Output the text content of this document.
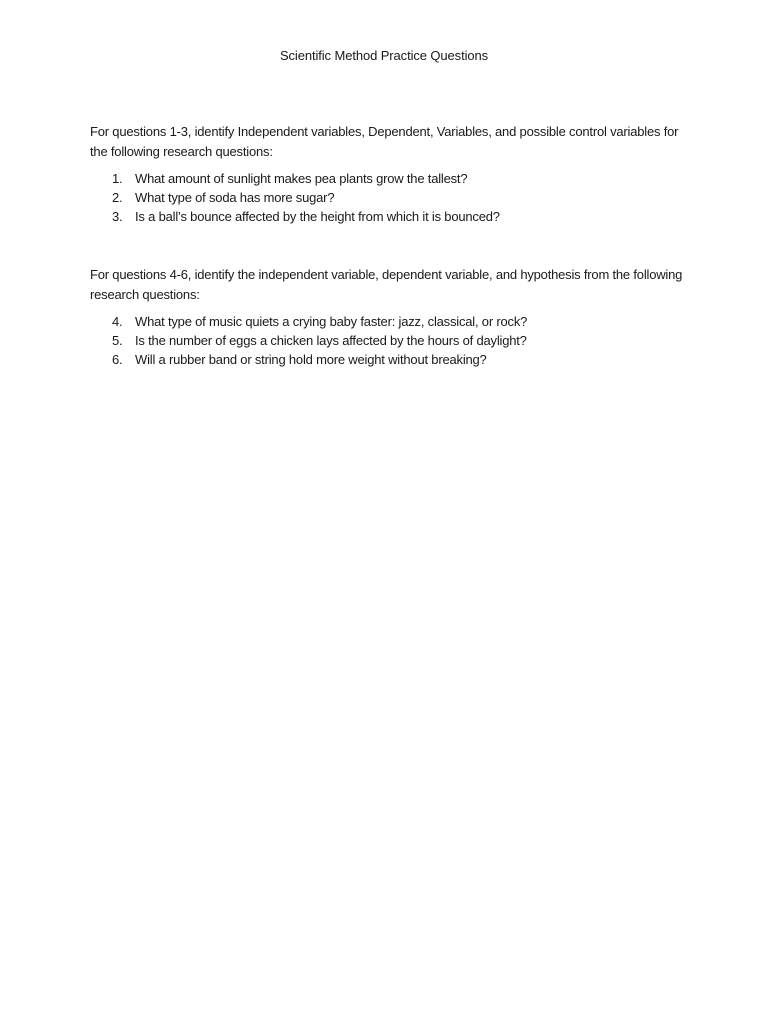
Scientific Method Practice Questions

For questions 1-3, identify Independent variables, Dependent, Variables, and possible control variables for the following research questions:

1. What amount of sunlight makes pea plants grow the tallest?
2. What type of soda has more sugar?
3. Is a ball’s bounce affected by the height from which it is bounced?

For questions 4-6, identify the independent variable, dependent variable, and hypothesis from the following research questions:

4. What type of music quiets a crying baby faster: jazz, classical, or rock?
5. Is the number of eggs a chicken lays affected by the hours of daylight?
6. Will a rubber band or string hold more weight without breaking?
